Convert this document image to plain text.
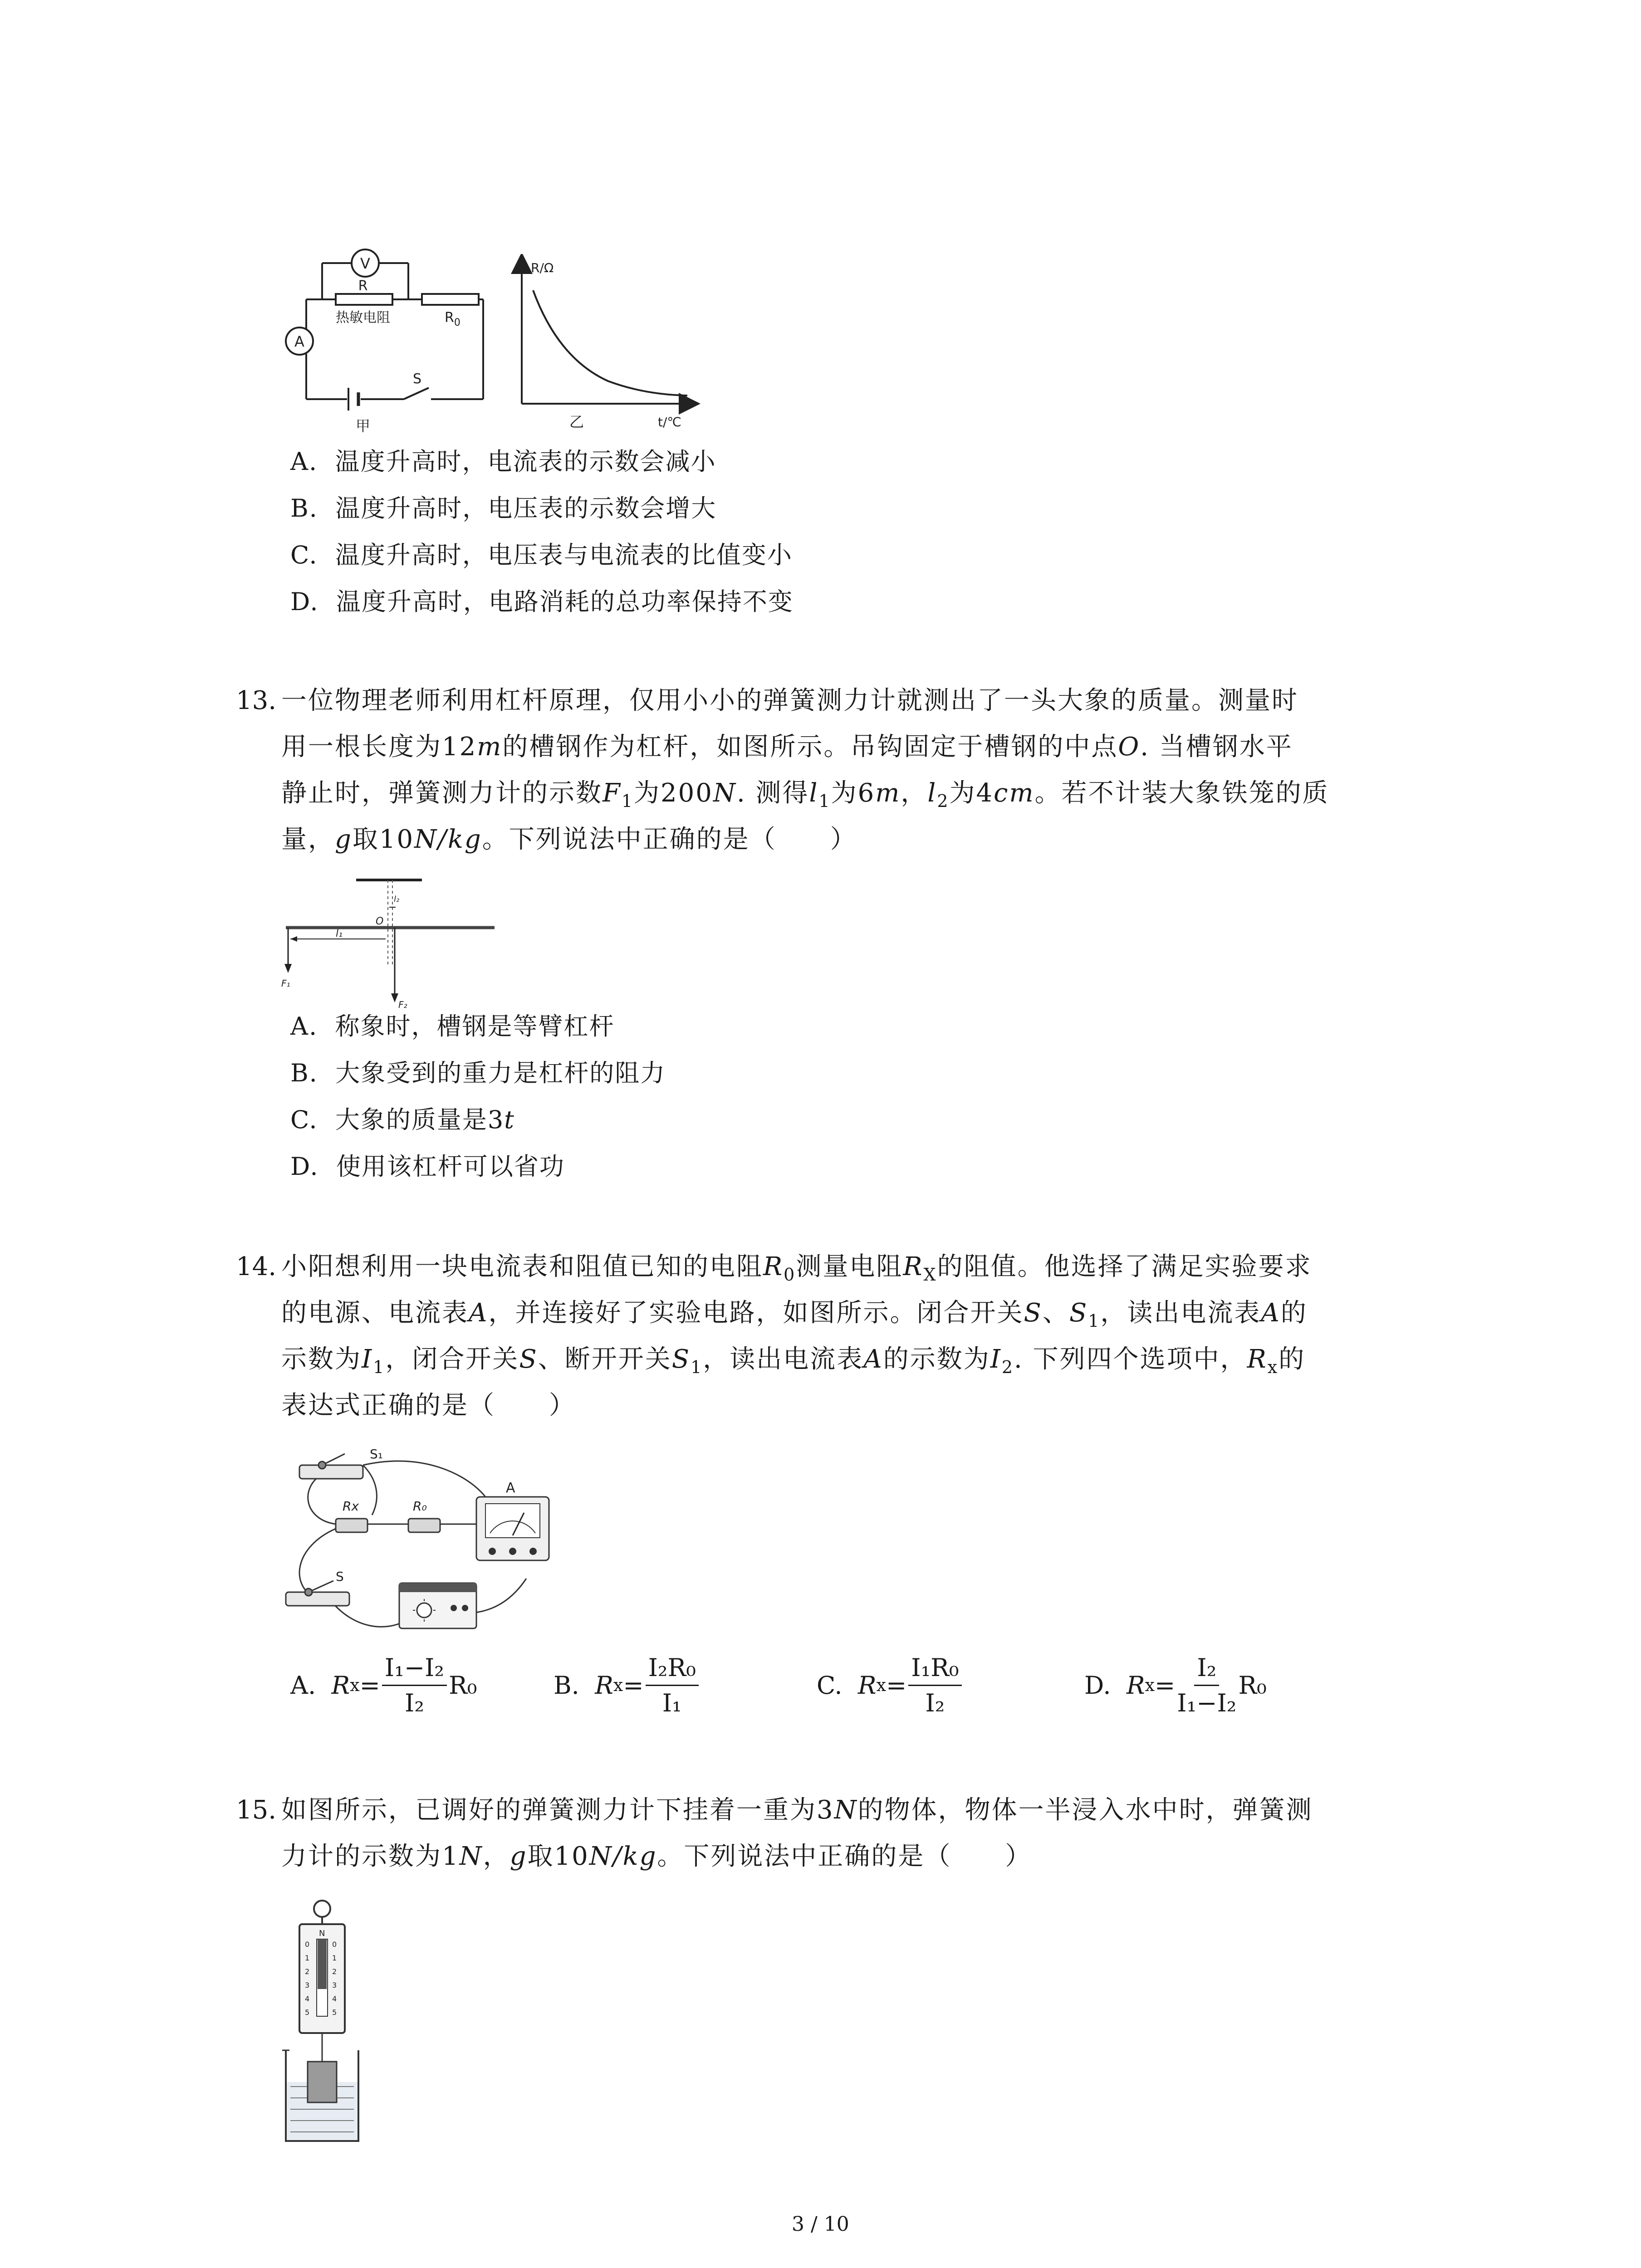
V
R
热敏电阻	$R_0$
A
S
甲
R/Ω
t/℃
乙
A. 温度升高时，电流表的示数会减小
B. 温度升高时，电压表的示数会增大
C. 温度升高时，电压表与电流表的比值变小
D. 温度升高时，电路消耗的总功率保持不变
13. 一位物理老师利用杠杆原理，仅用小小的弹簧测力计就测出了一头大象的质量。测量时
用一根长度为12m的槽钢作为杠杆，如图所示。吊钩固定于槽钢的中点O. 当槽钢水平
静止时，弹簧测力计的示数$F_1$为200N. 测得$l_1$为6m，$l_2$为4cm。若不计装大象铁笼的质
量，g取10N/kg。下列说法中正确的是（　　）
l₁
l₂
O
F₁
F₂
A. 称象时，槽钢是等臂杠杆
B. 大象受到的重力是杠杆的阻力
C. 大象的质量是3t
D. 使用该杠杆可以省功
14. 小阳想利用一块电流表和阻值已知的电阻$R_0$测量电阻$R_X$的阻值。他选择了满足实验要求
的电源、电流表A，并连接好了实验电路，如图所示。闭合开关S、$S_1$，读出电流表A的
示数为$I_1$，闭合开关S、断开开关$S_1$，读出电流表A的示数为$I_2$. 下列四个选项中，$R_x$的
表达式正确的是（　　）
S₁
Rx	R₀
A
S
A.
R $x = \frac{\text{I₁−I₂}}{\text{I₂}} R_0$	B.
R $x = \frac{\text{I₂R₀}}{\text{I₁}}$	C.
R $x = \frac{\text{I₁R₀}}{\text{I₂}}$	D.
R $x = \frac{\text{I₂}}{\text{I₁−I₂}} R_0$
15. 如图所示，已调好的弹簧测力计下挂着一重为3N的物体，物体一半浸入水中时，弹簧测
力计的示数为1N，g取10N/kg。下列说法中正确的是（　　）
N
0	0
1	1
2	2
3	3
4	4
5	5
3 / 10
